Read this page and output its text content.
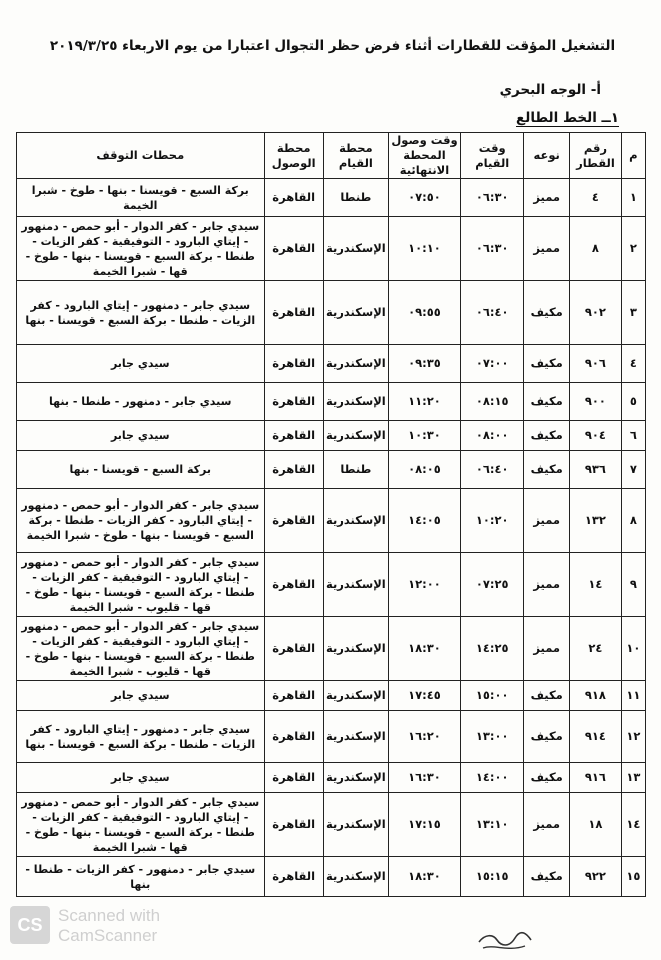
التشغيل المؤقت للقطارات أثناء فرض حظر التجوال اعتبارا من يوم الاربعاء ٢٠١٩/٣/٢٥
أ- الوجه البحري
١ــ الخط الطالع
م	رقم القطار	نوعه	وقت القيام	وقت وصول المحطة الانتهائية	محطة القيام	محطة الوصول	محطات التوقف
١	٤	مميز	٠٦:٣٠	٠٧:٥٠	طنطا	القاهرة	بركة السبع - قويسنا - بنها - طوخ - شبرا الخيمة
٢	٨	مميز	٠٦:٣٠	١٠:١٠	الإسكندرية	القاهرة	سيدي جابر - كفر الدوار - أبو حمص - دمنهور - إيتاي البارود - التوفيقية - كفر الزيات - طنطا - بركة السبع - قويسنا - بنها - طوخ - قها - شبرا الخيمة
٣	٩٠٢	مكيف	٠٦:٤٠	٠٩:٥٥	الإسكندرية	القاهرة	سيدي جابر - دمنهور - إيتاي البارود - كفر الزيات - طنطا - بركة السبع - قويسنا - بنها
٤	٩٠٦	مكيف	٠٧:٠٠	٠٩:٣٥	الإسكندرية	القاهرة	سيدي جابر
٥	٩٠٠	مكيف	٠٨:١٥	١١:٢٠	الإسكندرية	القاهرة	سيدي جابر - دمنهور - طنطا - بنها
٦	٩٠٤	مكيف	٠٨:٠٠	١٠:٣٠	الإسكندرية	القاهرة	سيدي جابر
٧	٩٣٦	مكيف	٠٦:٤٠	٠٨:٠٥	طنطا	القاهرة	بركة السبع - قويسنا - بنها
٨	١٣٢	مميز	١٠:٢٠	١٤:٠٥	الإسكندرية	القاهرة	سيدي جابر - كفر الدوار - أبو حمص - دمنهور - إيتاي البارود - كفر الزيات - طنطا - بركة السبع - قويسنا - بنها - طوخ - شبرا الخيمة
٩	١٤	مميز	٠٧:٢٥	١٢:٠٠	الإسكندرية	القاهرة	سيدي جابر - كفر الدوار - أبو حمص - دمنهور - إيتاي البارود - التوفيقية - كفر الزيات - طنطا - بركة السبع - قويسنا - بنها - طوخ - قها - قليوب - شبرا الخيمة
١٠	٢٤	مميز	١٤:٢٥	١٨:٣٠	الإسكندرية	القاهرة	سيدي جابر - كفر الدوار - أبو حمص - دمنهور - إيتاي البارود - التوفيقية - كفر الزيات - طنطا - بركة السبع - قويسنا - بنها - طوخ - قها - قليوب - شبرا الخيمة
١١	٩١٨	مكيف	١٥:٠٠	١٧:٤٥	الإسكندرية	القاهرة	سيدي جابر
١٢	٩١٤	مكيف	١٣:٠٠	١٦:٢٠	الإسكندرية	القاهرة	سيدي جابر - دمنهور - إيتاي البارود - كفر الزيات - طنطا - بركة السبع - قويسنا - بنها
١٣	٩١٦	مكيف	١٤:٠٠	١٦:٣٠	الإسكندرية	القاهرة	سيدي جابر
١٤	١٨	مميز	١٣:١٠	١٧:١٥	الإسكندرية	القاهرة	سيدي جابر - كفر الدوار - أبو حمص - دمنهور - إيتاي البارود - التوفيقية - كفر الزيات - طنطا - بركة السبع - قويسنا - بنها - طوخ - قها - شبرا الخيمة
١٥	٩٢٢	مكيف	١٥:١٥	١٨:٣٠	الإسكندرية	القاهرة	سيدي جابر - دمنهور - كفر الزيات - طنطا - بنها
CS Scanned with
CamScanner
